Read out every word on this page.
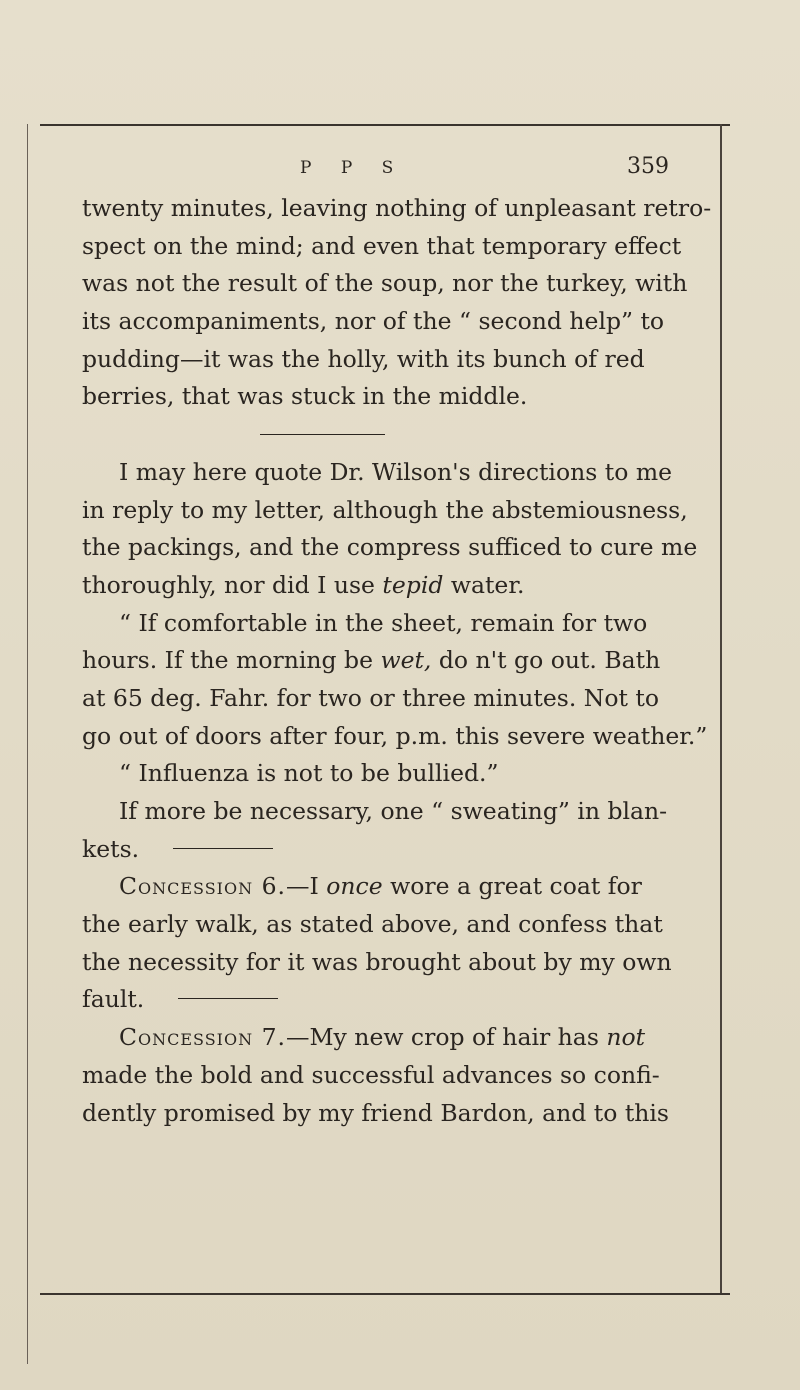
P P S	359
twenty minutes, leaving nothing of unpleasant retro-
spect on the mind; and even that temporary effect
was not the result of the soup, nor the turkey, with
its accompaniments, nor of the “ second help” to
pudding—it was the holly, with its bunch of red
berries, that was stuck in the middle.
I may here quote Dr. Wilson's directions to me
in reply to my letter, although the abstemiousness,
the packings, and the compress sufficed to cure me
thoroughly, nor did I use tepid water.
“ If comfortable in the sheet, remain for two
hours. If the morning be wet, do n't go out. Bath
at 65 deg. Fahr. for two or three minutes. Not to
go out of doors after four, p.m. this severe weather.”
“ Influenza is not to be bullied.”
If more be necessary, one “ sweating” in blan-
kets.
Concession 6.—I once wore a great coat for
the early walk, as stated above, and confess that
the necessity for it was brought about by my own
fault.
Concession 7.—My new crop of hair has not
made the bold and successful advances so confi-
dently promised by my friend Bardon, and to this
